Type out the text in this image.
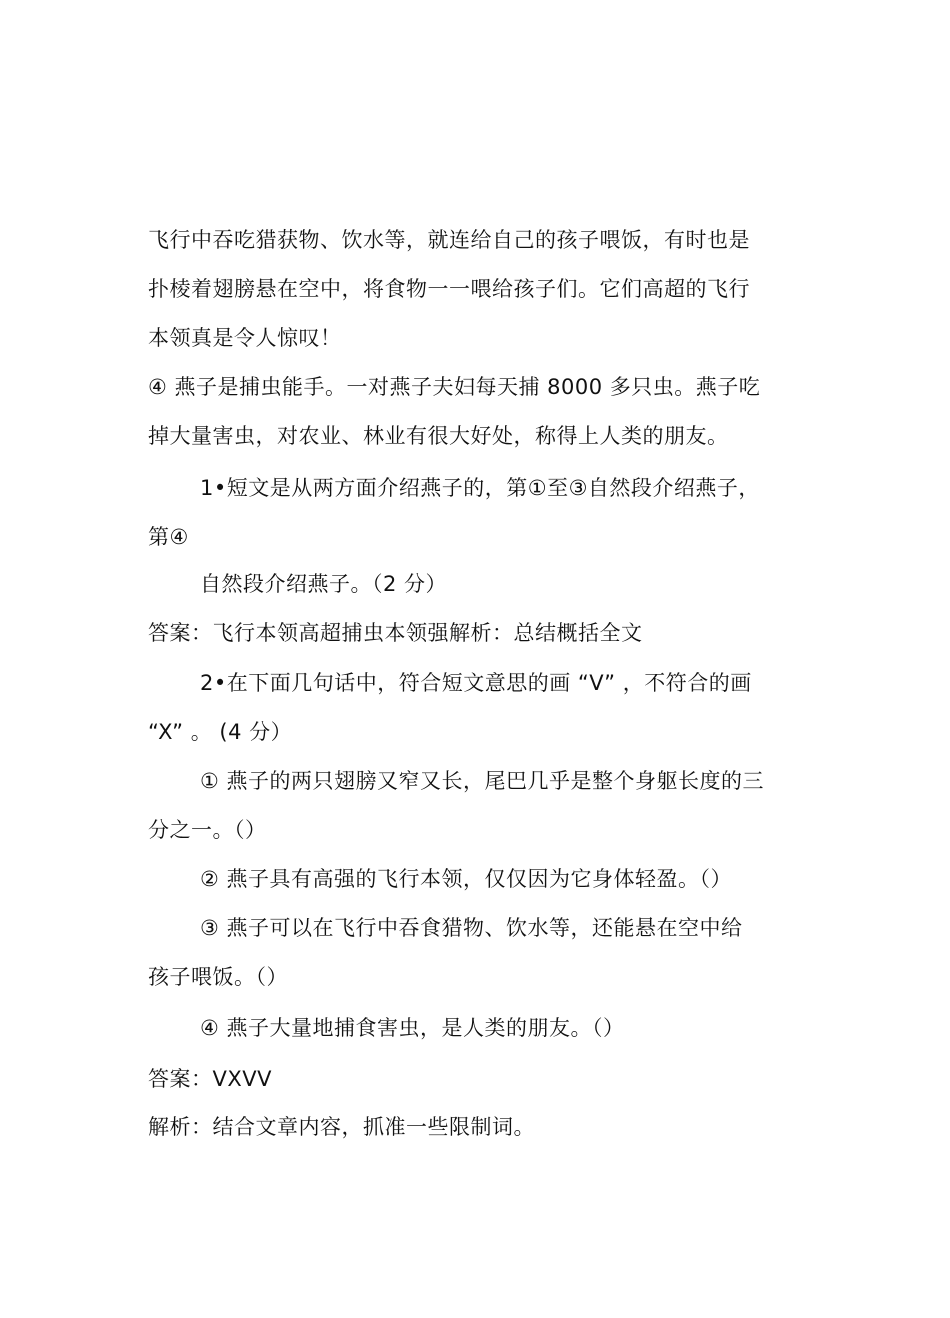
飞行中吞吃猎获物、饮水等，就连给自己的孩子喂饭，有时也是
扑棱着翅膀悬在空中，将食物一一喂给孩子们。它们高超的飞行
本领真是令人惊叹！
④ 燕子是捕虫能手。一对燕子夫妇每天捕 8000 多只虫。燕子吃
掉大量害虫，对农业、林业有很大好处，称得上人类的朋友。
1•短文是从两方面介绍燕子的，第①至③自然段介绍燕子，
第④
自然段介绍燕子。（2 分）
答案：飞行本领高超捕虫本领强解析：总结概括全文
2•在下面几句话中，符合短文意思的画 “V” ，不符合的画
“X” 。 (4 分）
① 燕子的两只翅膀又窄又长，尾巴几乎是整个身躯长度的三
分之一。（）
② 燕子具有高强的飞行本领，仅仅因为它身体轻盈。（）
③ 燕子可以在飞行中吞食猎物、饮水等，还能悬在空中给
孩子喂饭。（）
④ 燕子大量地捕食害虫，是人类的朋友。（）
答案：VXVV
解析：结合文章内容，抓准一些限制词。
